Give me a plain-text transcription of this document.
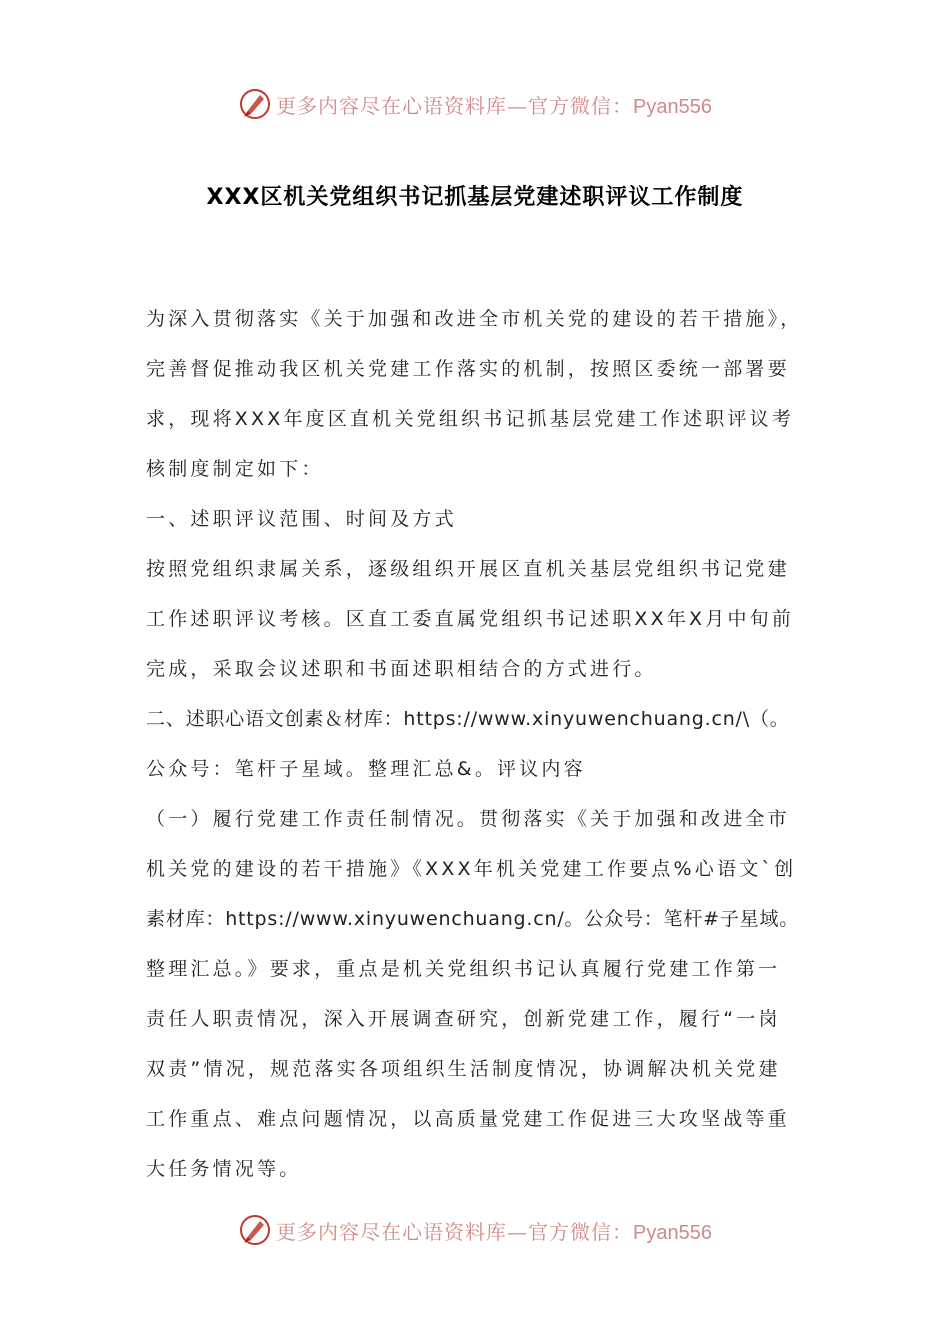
更多内容尽在心语资料库—官方微信：Pyan556
XXX区机关党组织书记抓基层党建述职评议工作制度
为深入贯彻落实《关于加强和改进全市机关党的建设的若干措施》，
完善督促推动我区机关党建工作落实的机制，按照区委统一部署要
求，现将XXX年度区直机关党组织书记抓基层党建工作述职评议考
核制度制定如下：
一、述职评议范围、时间及方式
按照党组织隶属关系，逐级组织开展区直机关基层党组织书记党建
工作述职评议考核。区直工委直属党组织书记述职XX年X月中旬前
完成，采取会议述职和书面述职相结合的方式进行。
二、述职心语文创素＆材库：https://www.xinyuwenchuang.cn/\（。
公众号：笔杆子星域。整理汇总&。评议内容
（一）履行党建工作责任制情况。贯彻落实《关于加强和改进全市
机关党的建设的若干措施》《XXX年机关党建工作要点%心语文`创
素材库：https://www.xinyuwenchuang.cn/。公众号：笔杆#子星域。
整理汇总。》要求，重点是机关党组织书记认真履行党建工作第一
责任人职责情况，深入开展调查研究，创新党建工作，履行“一岗
双责”情况，规范落实各项组织生活制度情况，协调解决机关党建
工作重点、难点问题情况，以高质量党建工作促进三大攻坚战等重
大任务情况等。
更多内容尽在心语资料库—官方微信：Pyan556
